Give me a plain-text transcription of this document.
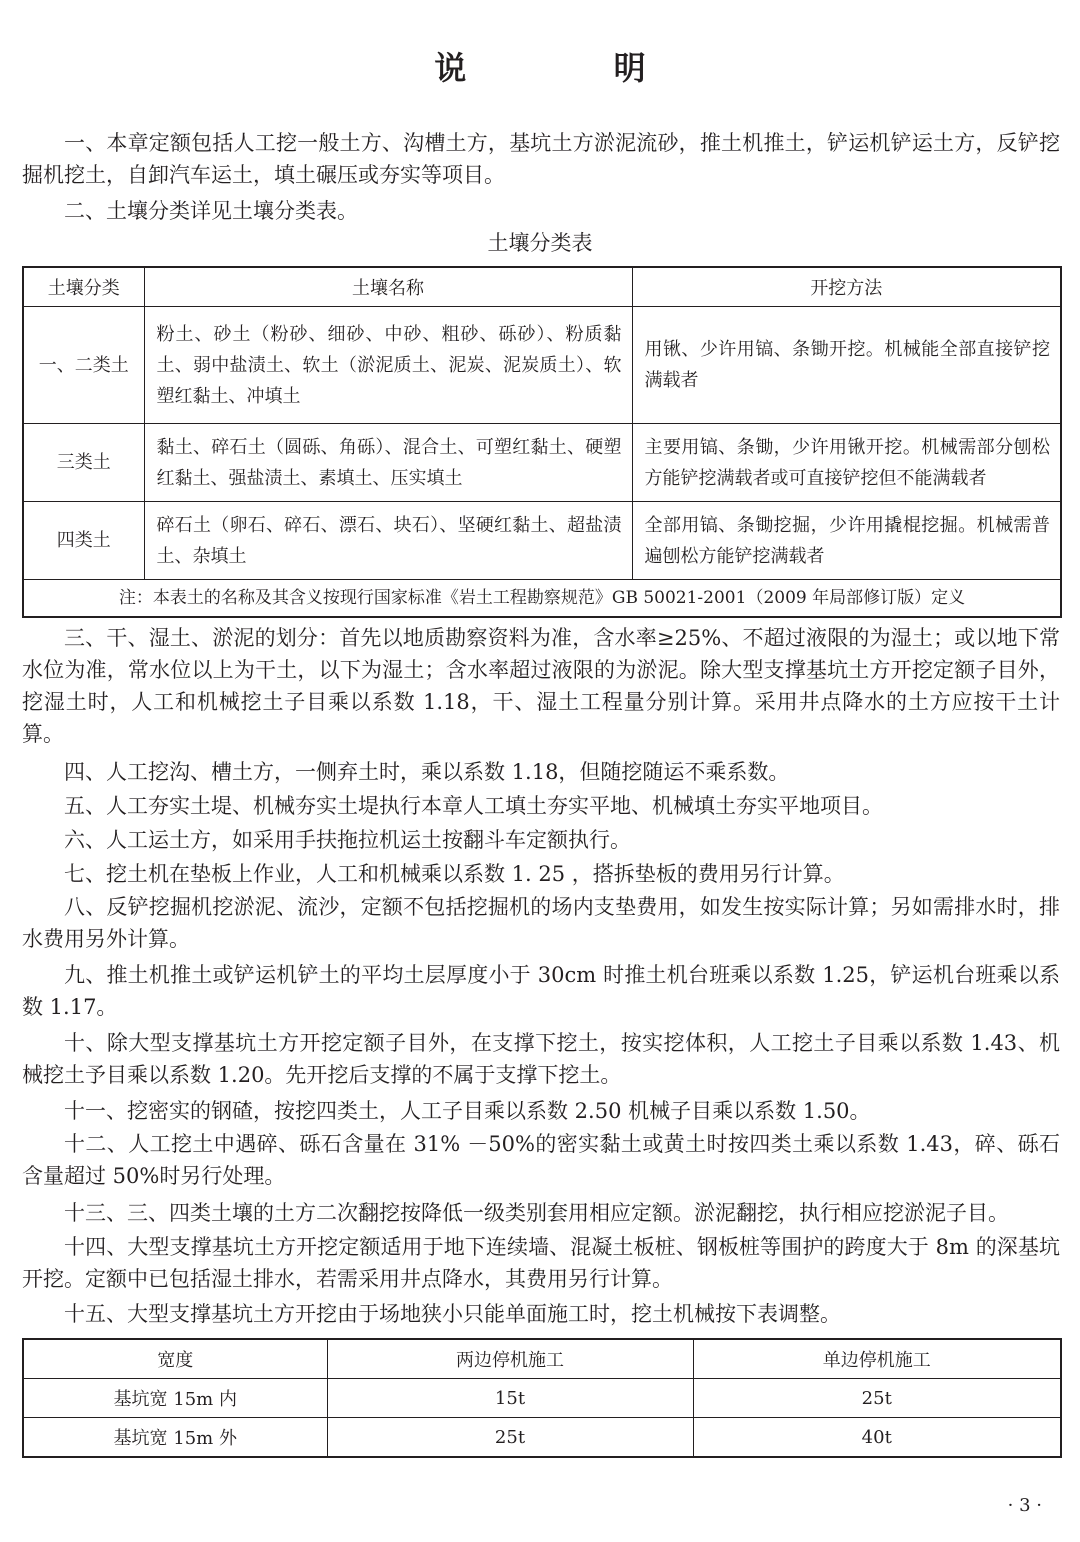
说 明

一、本章定额包括人工挖一般土方、沟槽土方，基坑土方淤泥流砂，推土机推土，铲运机铲运土方，反铲挖掘机挖土，自卸汽车运土，填土碾压或夯实等项目。

二、土壤分类详见土壤分类表。

土壤分类表
土壤分类	土壤名称	开挖方法
一、二类土	粉土、砂土（粉砂、细砂、中砂、粗砂、砾砂）、粉质黏土、弱中盐渍土、软土（淤泥质土、泥炭、泥炭质土）、软塑红黏土、冲填土	用锹、少许用镐、条锄开挖。机械能全部直接铲挖满载者
三类土	黏土、碎石土（圆砾、角砾）、混合土、可塑红黏土、硬塑红黏土、强盐渍土、素填土、压实填土	主要用镐、条锄，少许用锹开挖。机械需部分刨松方能铲挖满载者或可直接铲挖但不能满载者
四类土	碎石土（卵石、碎石、漂石、块石）、坚硬红黏土、超盐渍土、杂填土	全部用镐、条锄挖掘，少许用撬棍挖掘。机械需普遍刨松方能铲挖满载者
注：本表土的名称及其含义按现行国家标准《岩土工程勘察规范》GB 50021-2001（2009 年局部修订版）定义		

三、干、湿土、淤泥的划分：首先以地质勘察资料为准，含水率≥25%、不超过液限的为湿土；或以地下常水位为准，常水位以上为干土，以下为湿土；含水率超过液限的为淤泥。除大型支撑基坑土方开挖定额子目外，挖湿土时，人工和机械挖土子目乘以系数 1.18，干、湿土工程量分别计算。采用井点降水的土方应按干土计算。

四、人工挖沟、槽土方，一侧弃土时，乘以系数 1.18，但随挖随运不乘系数。

五、人工夯实土堤、机械夯实土堤执行本章人工填土夯实平地、机械填土夯实平地项目。

六、人工运土方，如采用手扶拖拉机运土按翻斗车定额执行。

七、挖土机在垫板上作业，人工和机械乘以系数 1. 25 ，搭拆垫板的费用另行计算。

八、反铲挖掘机挖淤泥、流沙，定额不包括挖掘机的场内支垫费用，如发生按实际计算；另如需排水时，排水费用另外计算。

九、推土机推土或铲运机铲土的平均土层厚度小于 30cm 时推土机台班乘以系数 1.25，铲运机台班乘以系数 1.17。

十、除大型支撑基坑土方开挖定额子目外，在支撑下挖土，按实挖体积，人工挖土子目乘以系数 1.43、机械挖土予目乘以系数 1.20。先开挖后支撑的不属于支撑下挖土。

十一、挖密实的钢碴，按挖四类土，人工子目乘以系数 2.50 机械子目乘以系数 1.50。

十二、人工挖土中遇碎、砾石含量在 31% －50%的密实黏土或黄土时按四类土乘以系数 1.43，碎、砾石含量超过 50%时另行处理。

十三、三、四类土壤的土方二次翻挖按降低一级类别套用相应定额。淤泥翻挖，执行相应挖淤泥子目。

十四、大型支撑基坑土方开挖定额适用于地下连续墙、混凝土板桩、钢板桩等围护的跨度大于 8m 的深基坑开挖。定额中已包括湿土排水，若需采用井点降水，其费用另行计算。

十五、大型支撑基坑土方开挖由于场地狭小只能单面施工时，挖土机械按下表调整。

宽度	两边停机施工	单边停机施工
基坑宽 15m 内	15t	25t
基坑宽 15m 外	25t	40t
· 3 ·
